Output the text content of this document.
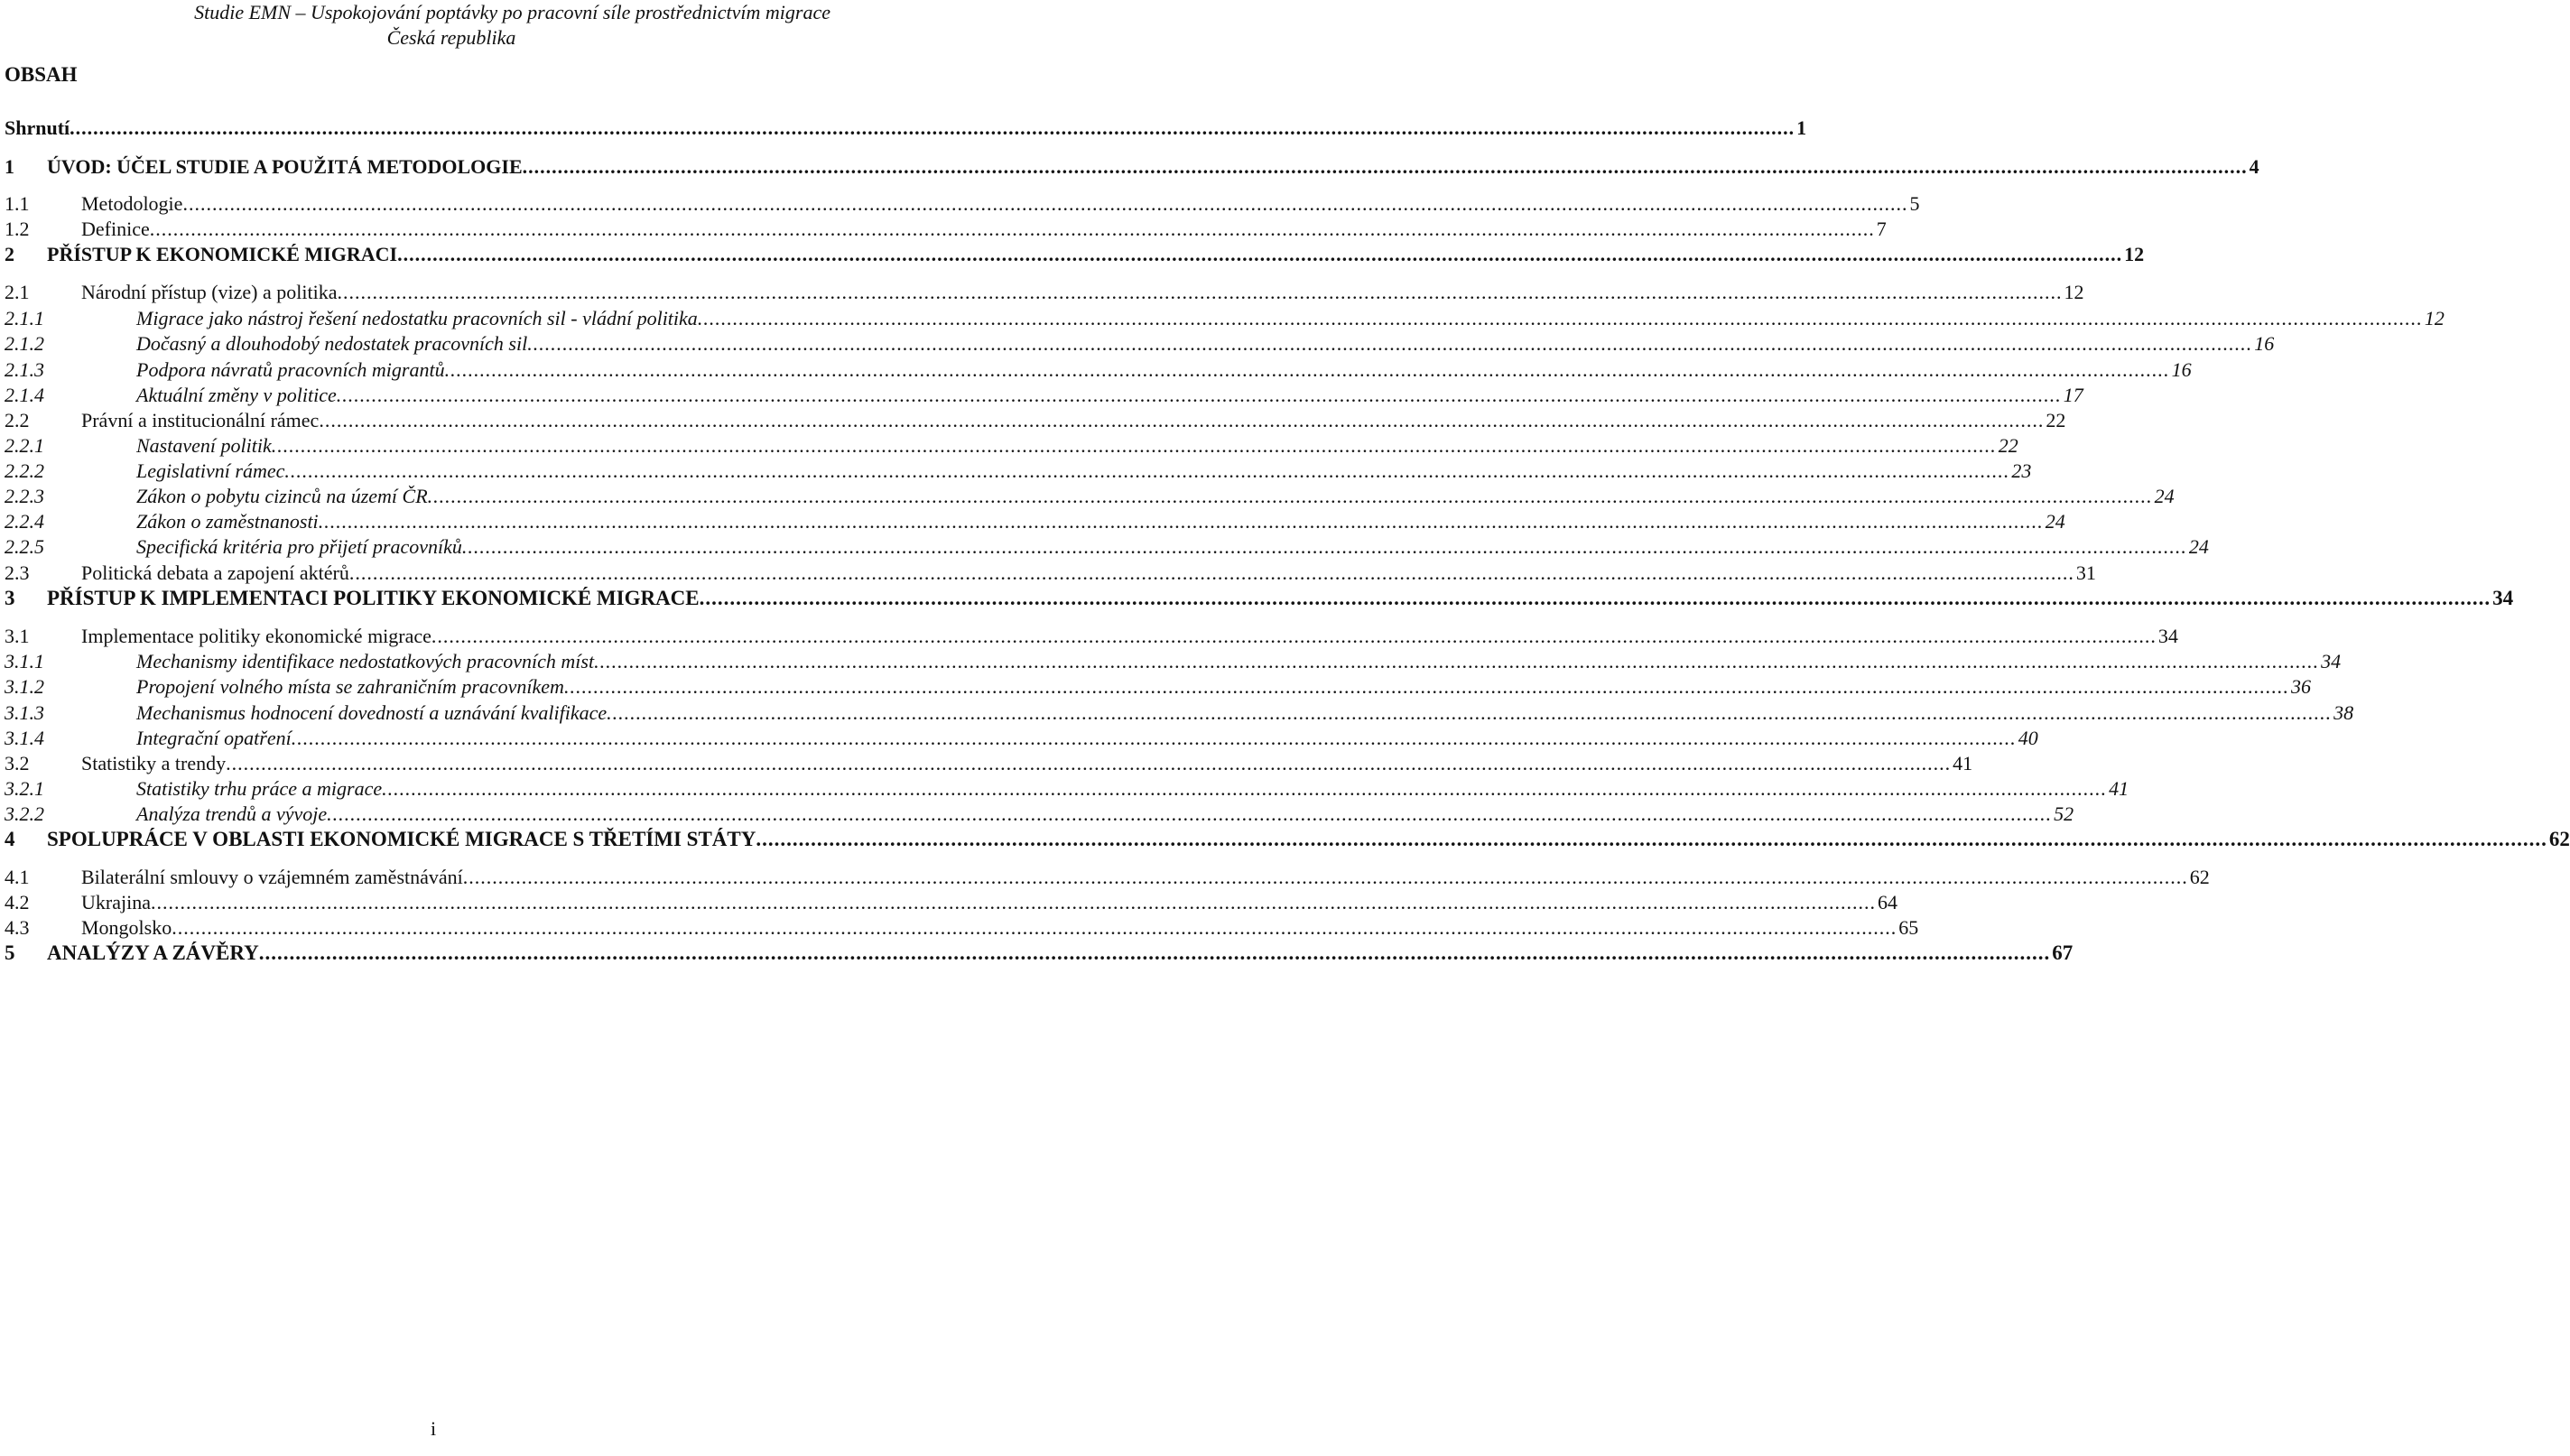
Studie EMN – Uspokojování poptávky po pracovní síle prostřednictvím migrace
Česká republika
OBSAH
Shrnutí .....	1
1	ÚVOD: ÚČEL STUDIE A POUŽITÁ METODOLOGIE .....	4
1.1	Metodologie .....	5
1.2	Definice .....	7
2	PŘÍSTUP K EKONOMICKÉ MIGRACI .....	12
2.1	Národní přístup (vize) a politika .....	12
2.1.1	Migrace jako nástroj řešení nedostatku pracovních sil - vládní politika .....	12
2.1.2	Dočasný a dlouhodobý nedostatek pracovních sil .....	16
2.1.3	Podpora návratů pracovních migrantů .....	16
2.1.4	Aktuální změny v politice .....	17
2.2	Právní a institucionální rámec .....	22
2.2.1	Nastavení politik .....	22
2.2.2	Legislativní rámec .....	23
2.2.3	Zákon o pobytu cizinců na území ČR .....	24
2.2.4	Zákon o zaměstnanosti .....	24
2.2.5	Specifická kritéria pro přijetí pracovníků .....	24
2.3	Politická debata a zapojení aktérů .....	31
3	PŘÍSTUP K IMPLEMENTACI POLITIKY EKONOMICKÉ MIGRACE .....	34
3.1	Implementace politiky ekonomické migrace .....	34
3.1.1	Mechanismy identifikace nedostatkových pracovních míst .....	34
3.1.2	Propojení volného místa se zahraničním pracovníkem .....	36
3.1.3	Mechanismus hodnocení dovedností a uznávání kvalifikace .....	38
3.1.4	Integrační opatření .....	40
3.2	Statistiky a trendy .....	41
3.2.1	Statistiky trhu práce a migrace .....	41
3.2.2	Analýza trendů a vývoje .....	52
4	SPOLUPRÁCE V OBLASTI EKONOMICKÉ MIGRACE S TŘETÍMI STÁTY .....	62
4.1	Bilaterální smlouvy o vzájemném zaměstnávání .....	62
4.2	Ukrajina .....	64
4.3	Mongolsko .....	65
5	ANALÝZY A ZÁVĚRY .....	67
i
